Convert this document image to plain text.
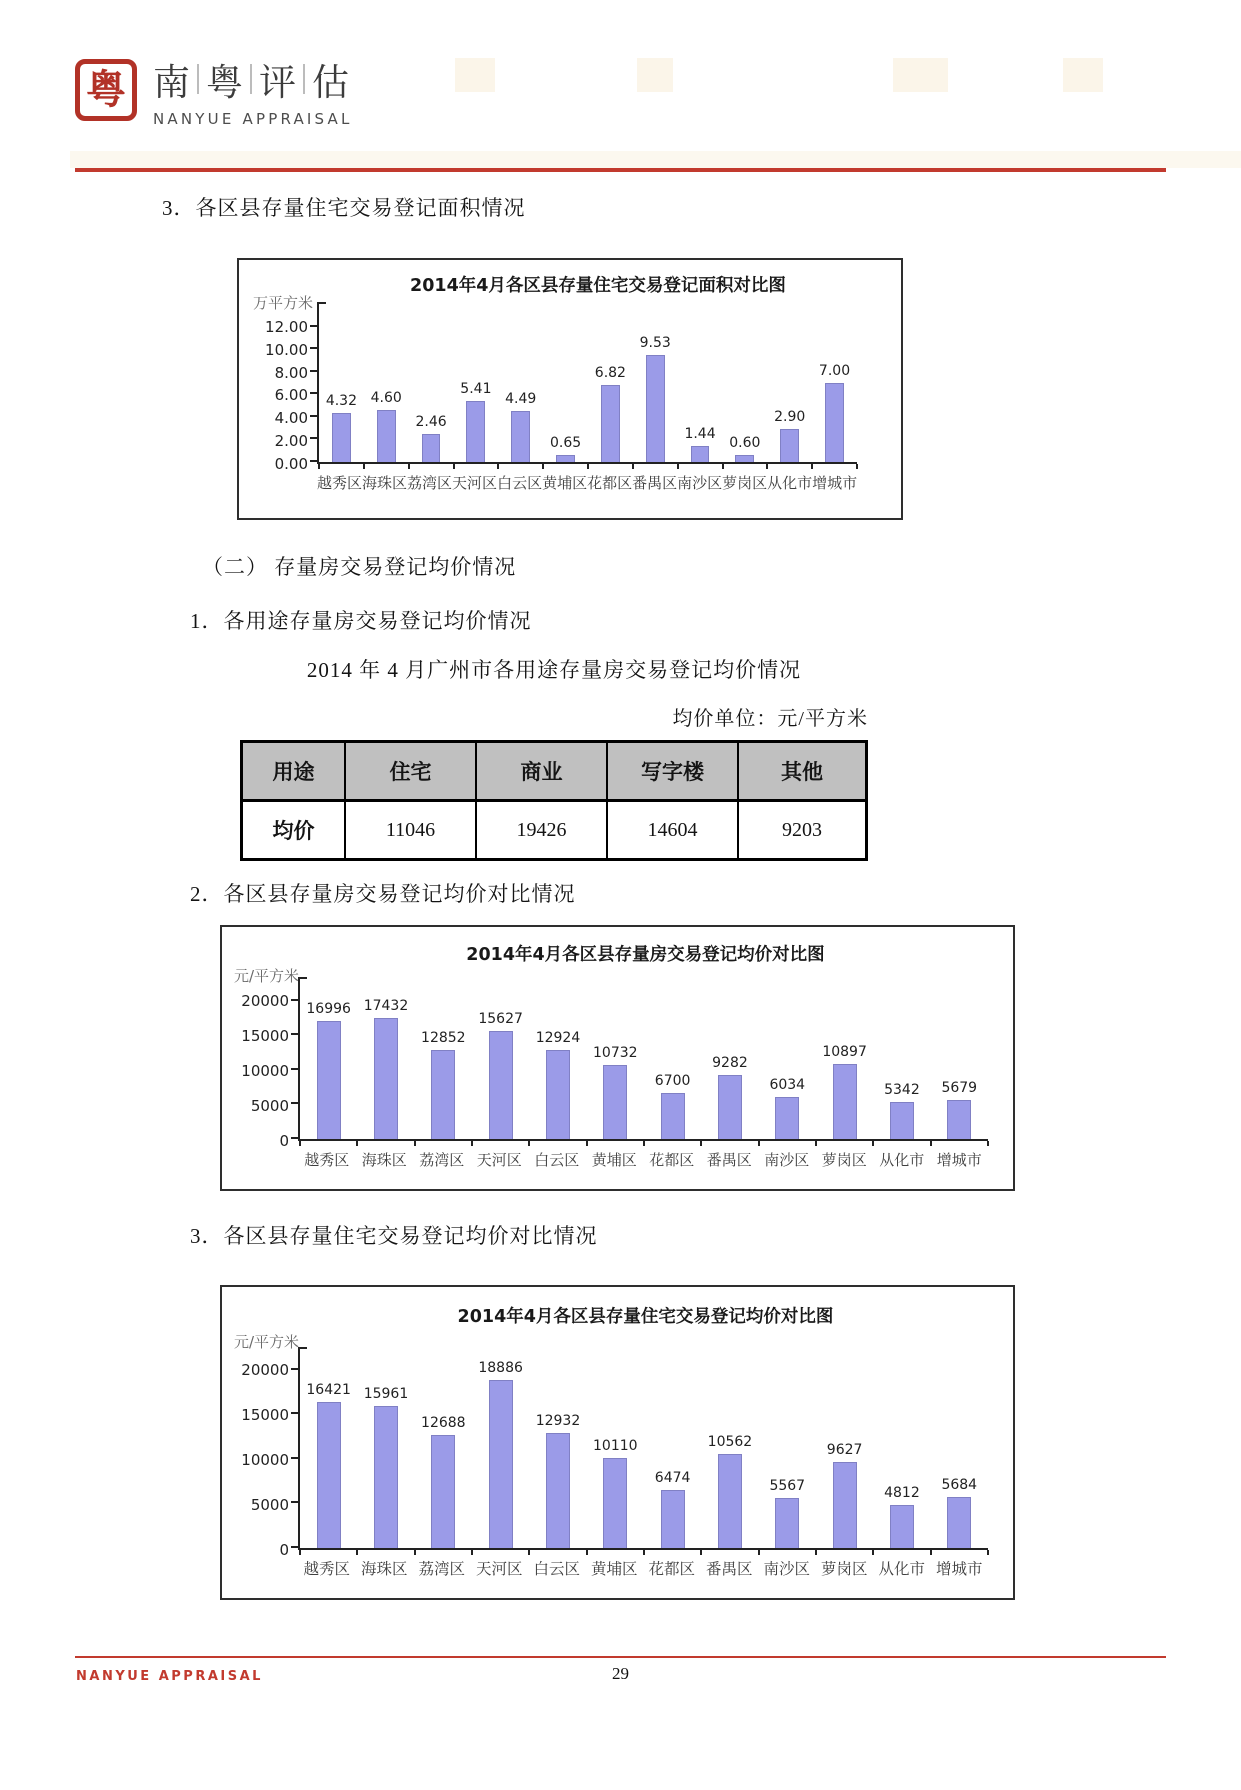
粤 南 粤 评 估
NANYUE APPRAISAL
3．各区县存量住宅交易登记面积情况
2014年4月各区县存量住宅交易登记面积对比图
万平方米
12.00
10.00
8.00
6.00
4.00
2.00
0.00
4.32 4.60
2.46
5.41
4.49
0.65
6.82
9.53
1.44
0.60
2.90
7.00
越秀区 海珠区 荔湾区 天河区 白云区 黄埔区 花都区 番禺区 南沙区 萝岗区 从化市 增城市
（二） 存量房交易登记均价情况
1．各用途存量房交易登记均价情况
2014 年 4 月广州市各用途存量房交易登记均价情况
均价单位：元/平方米
用途	住宅	商业	写字楼	其他
均价	11046	19426	14604	9203
2．各区县存量房交易登记均价对比情况
2014年4月各区县存量房交易登记均价对比图
元/平方米
20000
15000
10000
5000
0
16996 17432
12852
15627
12924
10732
6700
9282
6034
10897
5342 5679
越秀区 海珠区 荔湾区 天河区 白云区 黄埔区 花都区 番禺区 南沙区 萝岗区 从化市 增城市
3．各区县存量住宅交易登记均价对比情况
2014年4月各区县存量住宅交易登记均价对比图
元/平方米
20000
15000
10000
5000
0
16421 15961
12688
18886
12932
10110
6474
10562
5567
9627
4812 5684
越秀区 海珠区 荔湾区 天河区 白云区 黄埔区 花都区 番禺区 南沙区 萝岗区 从化市 增城市
NANYUE APPRAISAL	29
